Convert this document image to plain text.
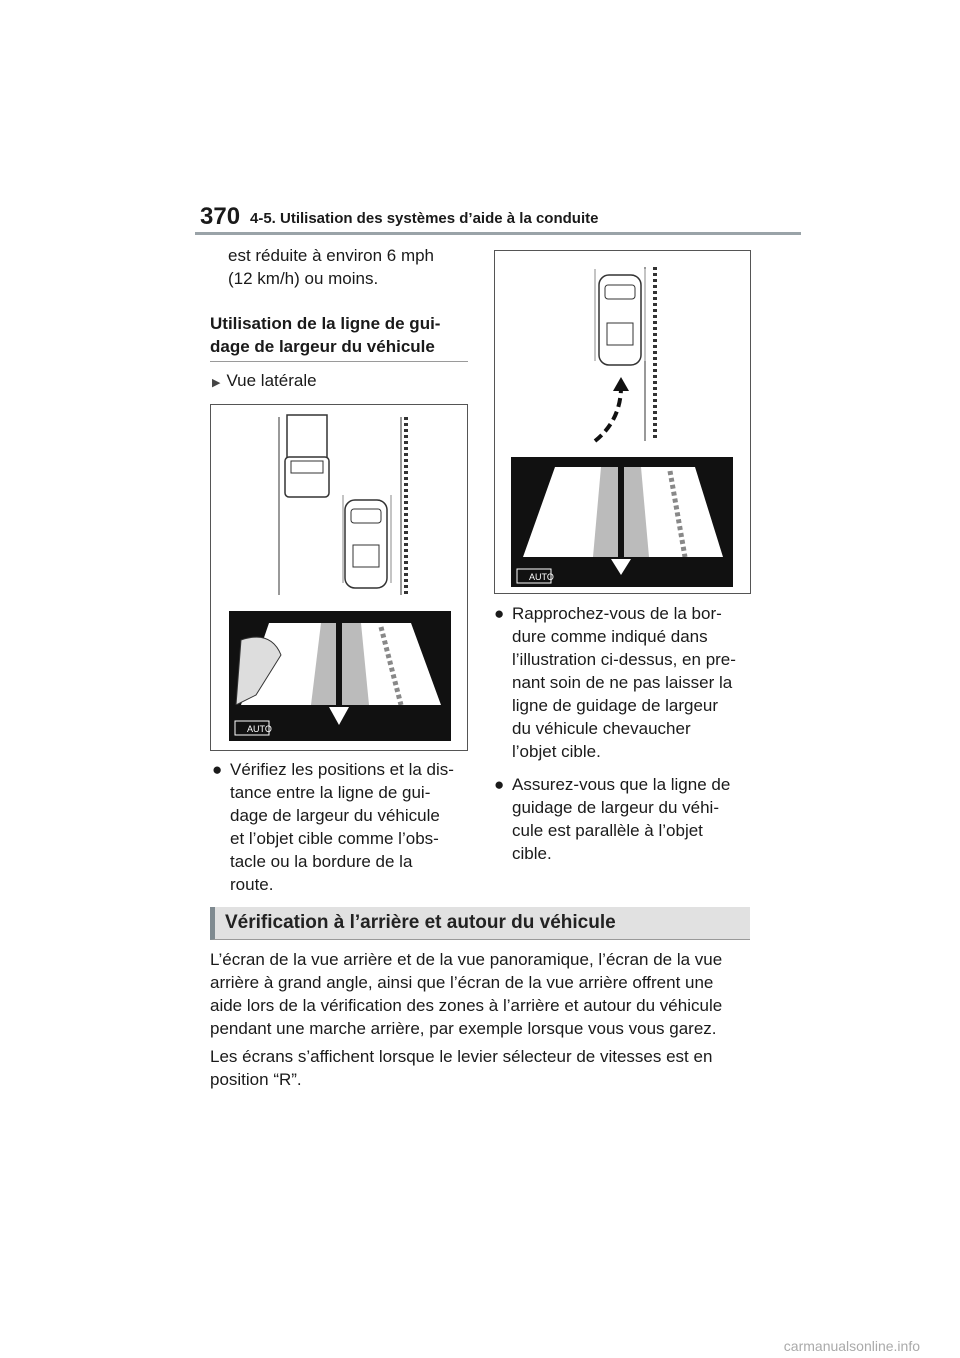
370 4-5. Utilisation des systèmes d’aide à la conduite
est réduite à environ 6 mph
(12 km/h) ou moins.
Utilisation de la ligne de gui-
dage de largeur du véhicule
▶ Vue latérale
AUTO
● Vérifiez les positions et la dis-
tance entre la ligne de gui-
dage de largeur du véhicule
et l’objet cible comme l’obs-
tacle ou la bordure de la
route.
AUTO
● Rapprochez-vous de la bor-
dure comme indiqué dans
l’illustration ci-dessus, en pre-
nant soin de ne pas laisser la
ligne de guidage de largeur
du véhicule chevaucher
l’objet cible.
● Assurez-vous que la ligne de
guidage de largeur du véhi-
cule est parallèle à l’objet
cible.
Vérification à l’arrière et autour du véhicule
L’écran de la vue arrière et de la vue panoramique, l’écran de la vue
arrière à grand angle, ainsi que l’écran de la vue arrière offrent une
aide lors de la vérification des zones à l’arrière et autour du véhicule
pendant une marche arrière, par exemple lorsque vous vous garez.
Les écrans s’affichent lorsque le levier sélecteur de vitesses est en
position “R”.
carmanualsonline.info
